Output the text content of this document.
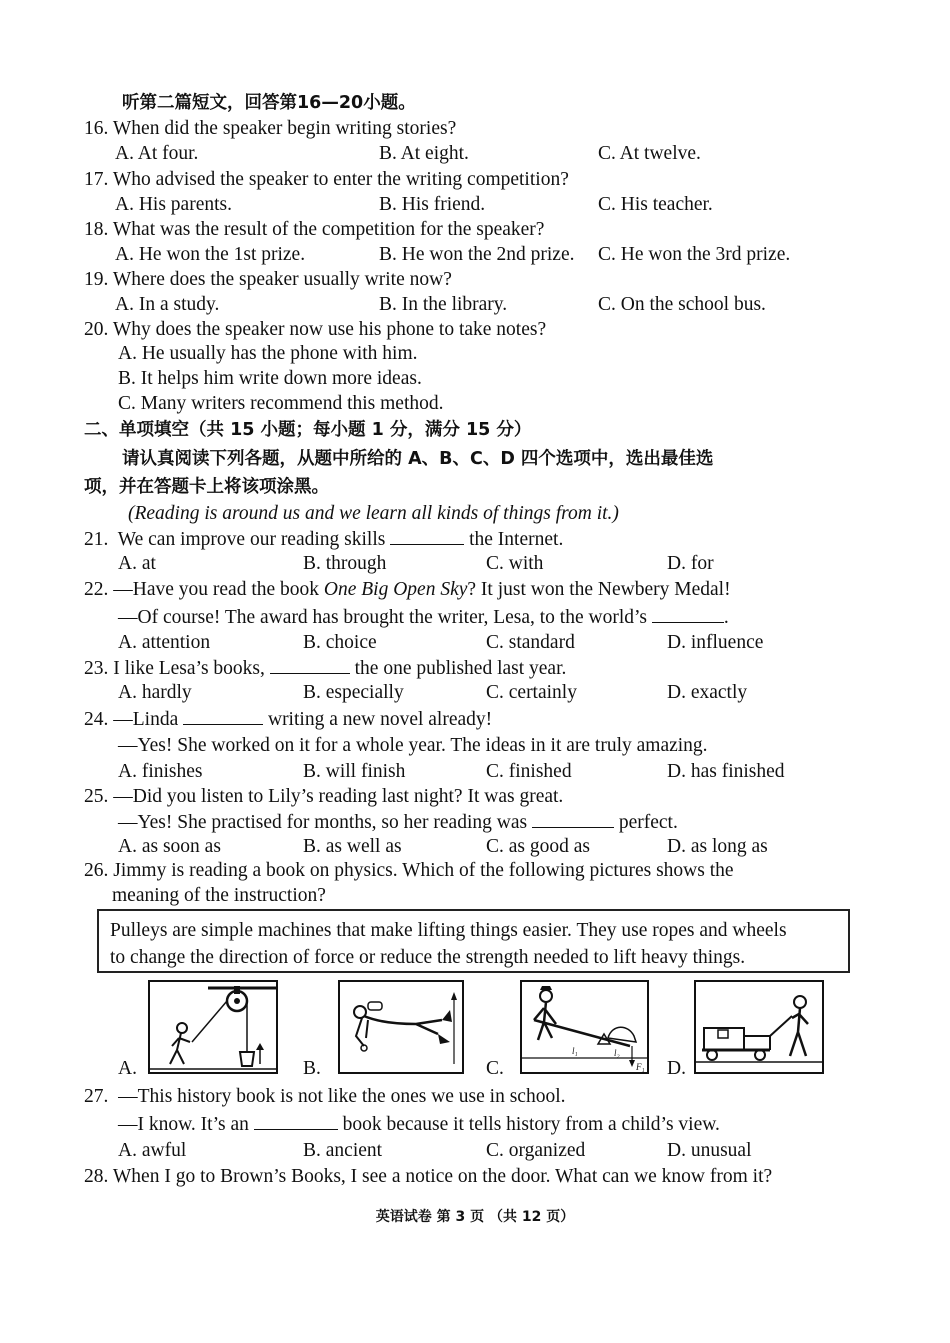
听第二篇短文，回答第16—20小题。
16. When did the speaker begin writing stories?
A. At four.	B. At eight.	C. At twelve.
17. Who advised the speaker to enter the writing competition?
A. His parents.	B. His friend.	C. His teacher.
18. What was the result of the competition for the speaker?
A. He won the 1st prize.	B. He won the 2nd prize. C. He won the 3rd prize.
19. Where does the speaker usually write now?
A. In a study.	B. In the library.	C. On the school bus.
20. Why does the speaker now use his phone to take notes?
A. He usually has the phone with him.
B. It helps him write down more ideas.
C. Many writers recommend this method.
二、单项填空（共 15 小题；每小题 1 分，满分 15 分）
请认真阅读下列各题，从题中所给的 A、B、C、D 四个选项中，选出最佳选
项，并在答题卡上将该项涂黑。
(Reading is around us and we learn all kinds of things from it.)
21. We can improve our reading skills	the Internet.
A. at	B. through	C. with	D. for
22. —Have you read the book One Big Open Sky? It just won the Newbery Medal!
—Of course! The award has brought the writer, Lesa, to the world’s	.
A. attention	B. choice	C. standard	D. influence
23. I like Lesa’s books,	the one published last year.
A. hardly	B. especially	C. certainly	D. exactly
24. —Linda	writing a new novel already!
—Yes! She worked on it for a whole year. The ideas in it are truly amazing.
A. finishes	B. will finish	C. finished	D. has finished
25. —Did you listen to Lily’s reading last night? It was great.
—Yes! She practised for months, so her reading was	perfect.
A. as soon as	B. as well as	C. as good as	D. as long as
26. Jimmy is reading a book on physics. Which of the following pictures shows the
meaning of the instruction?
Pulleys are simple machines that make lifting things easier. They use ropes and wheels
to change the direction of force or reduce the strength needed to lift heavy things.
A.	B.	C.
l₁	l₂
F₁ D.
27. —This history book is not like the ones we use in school.
—I know. It’s an	book because it tells history from a child’s view.
A. awful	B. ancient	C. organized	D. unusual
28. When I go to Brown’s Books, I see a notice on the door. What can we know from it?
英语试卷 第 3 页 （共 12 页）
